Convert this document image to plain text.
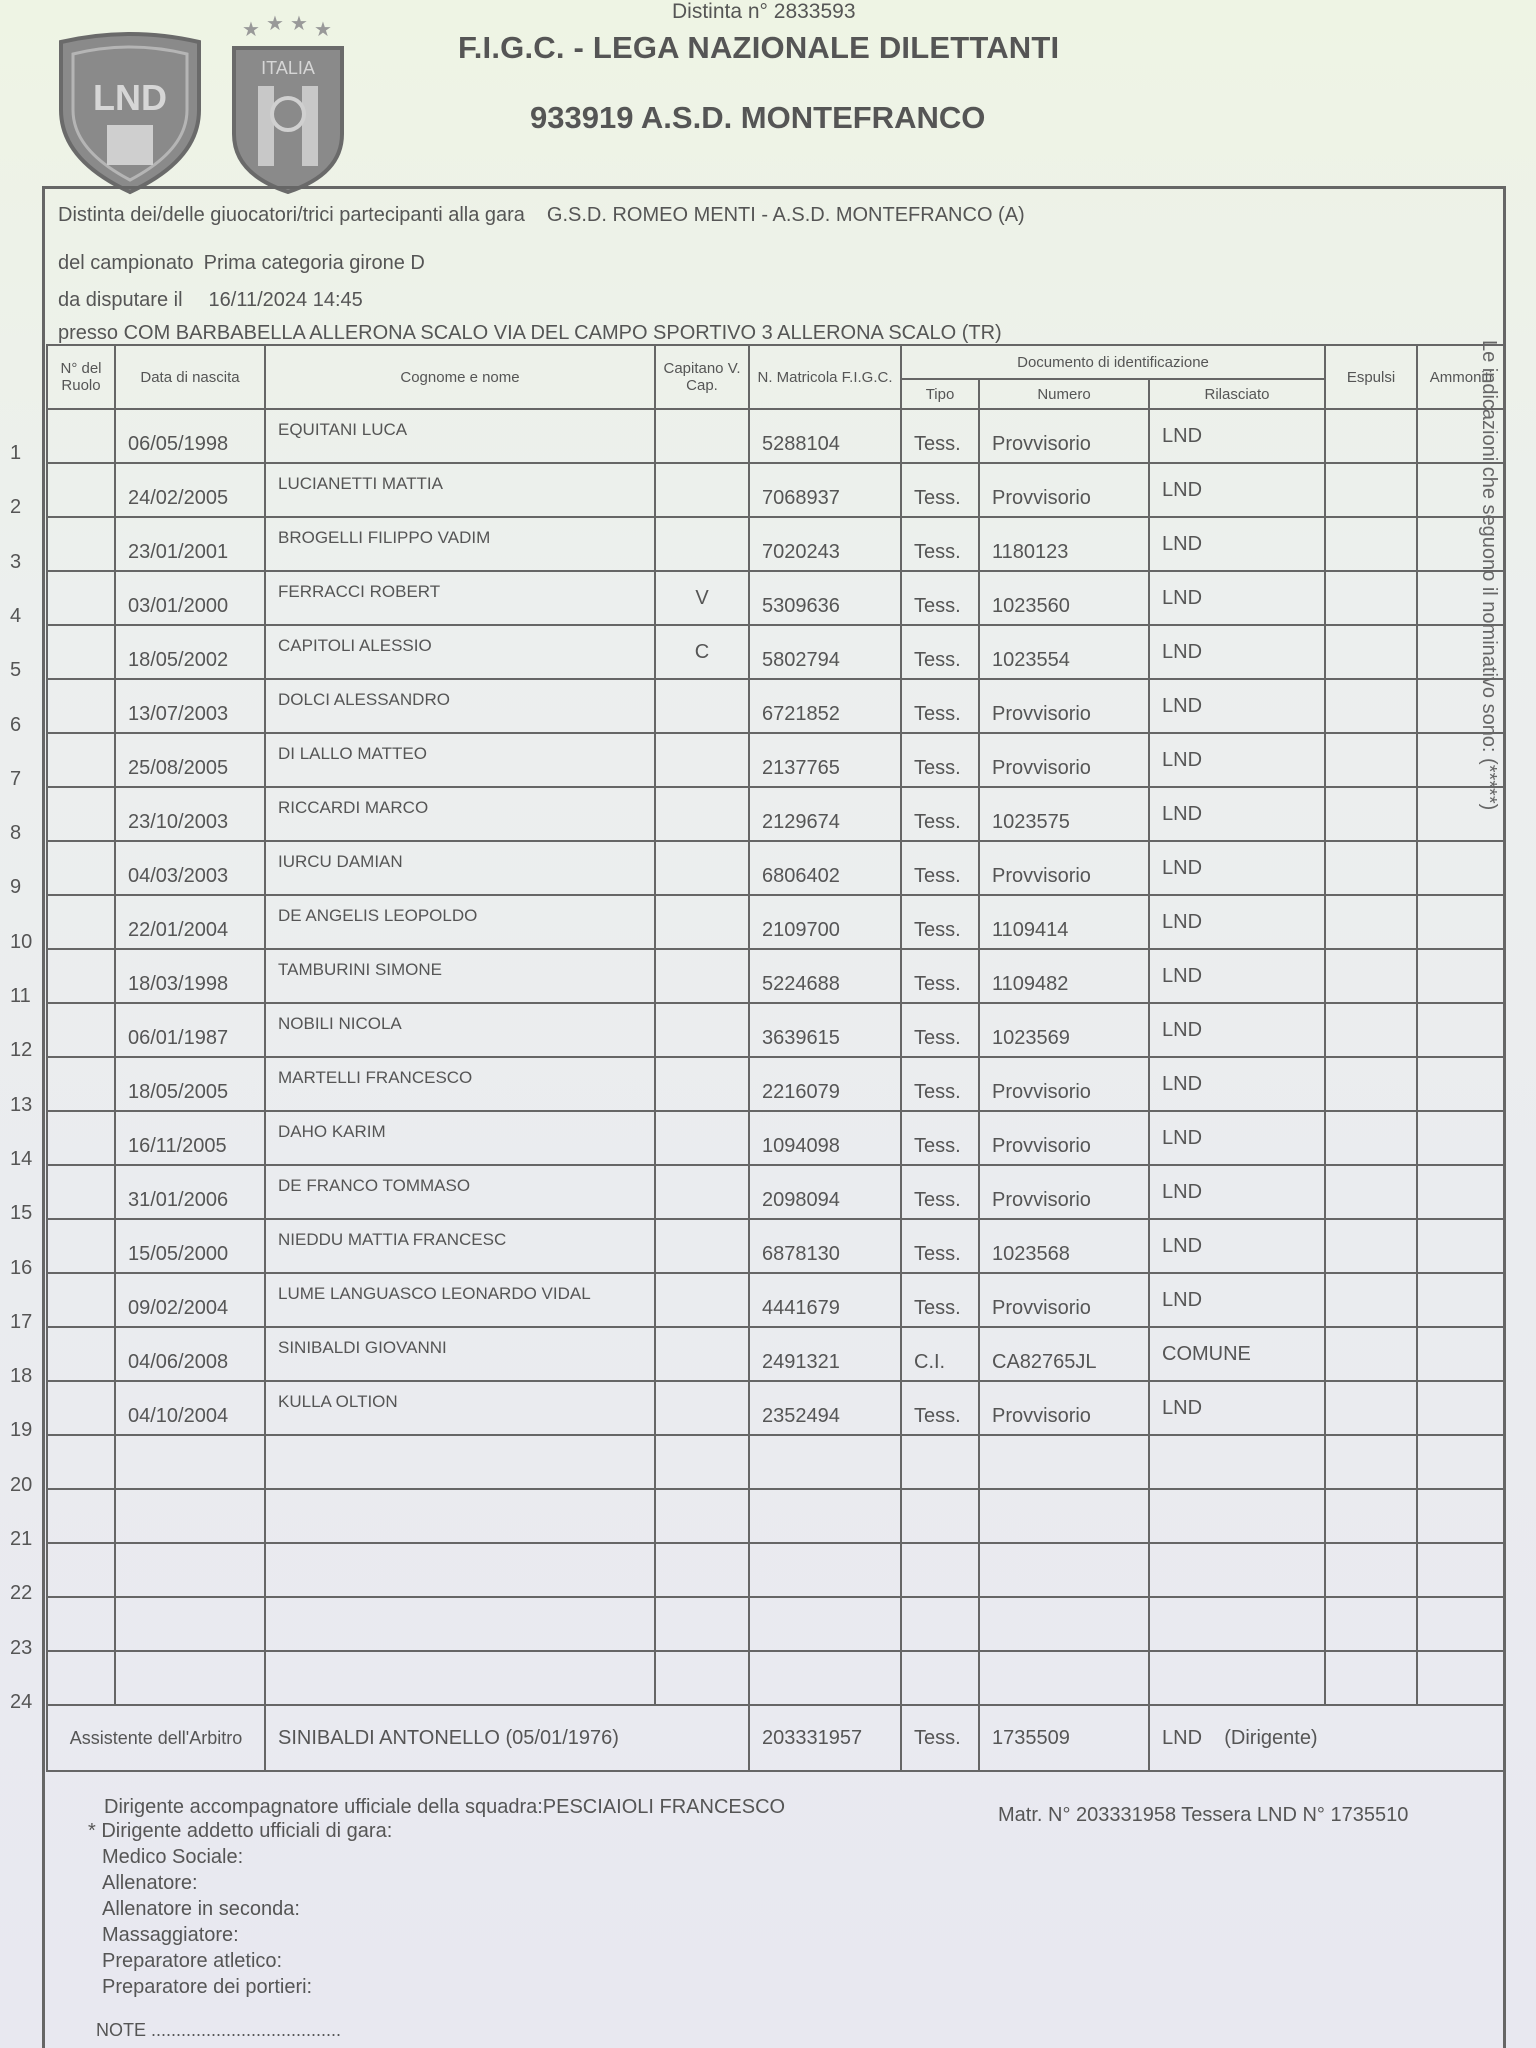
LND
★ ★ ★ ★
ITALIA
Distinta n° 2833593
F.I.G.C. - LEGA NAZIONALE DILETTANTI
933919 A.S.D. MONTEFRANCO
Distinta dei/delle giuocatori/trici partecipanti alla gara G.S.D. ROMEO MENTI - A.S.D. MONTEFRANCO (A)
del campionato Prima categoria girone D
da disputare il 16/11/2024 14:45
presso COM BARBABELLA ALLERONA SCALO VIA DEL CAMPO SPORTIVO 3 ALLERONA SCALO (TR)
N° del Ruolo	Data di nascita	Cognome e nome	Capitano V. Cap.	N. Matricola F.I.G.C.	Documento di identificazione			Espulsi	Ammoniti
					Tipo	Numero	Rilasciato		
	06/05/1998	EQUITANI LUCA		5288104	Tess.	Provvisorio	LND		
	24/02/2005	LUCIANETTI MATTIA		7068937	Tess.	Provvisorio	LND		
	23/01/2001	BROGELLI FILIPPO VADIM		7020243	Tess.	1180123	LND		
	03/01/2000	FERRACCI ROBERT	V	5309636	Tess.	1023560	LND		
	18/05/2002	CAPITOLI ALESSIO	C	5802794	Tess.	1023554	LND		
	13/07/2003	DOLCI ALESSANDRO		6721852	Tess.	Provvisorio	LND		
	25/08/2005	DI LALLO MATTEO		2137765	Tess.	Provvisorio	LND		
	23/10/2003	RICCARDI MARCO		2129674	Tess.	1023575	LND		
	04/03/2003	IURCU DAMIAN		6806402	Tess.	Provvisorio	LND		
	22/01/2004	DE ANGELIS LEOPOLDO		2109700	Tess.	1109414	LND		
	18/03/1998	TAMBURINI SIMONE		5224688	Tess.	1109482	LND		
	06/01/1987	NOBILI NICOLA		3639615	Tess.	1023569	LND		
	18/05/2005	MARTELLI FRANCESCO		2216079	Tess.	Provvisorio	LND		
	16/11/2005	DAHO KARIM		1094098	Tess.	Provvisorio	LND		
	31/01/2006	DE FRANCO TOMMASO		2098094	Tess.	Provvisorio	LND		
	15/05/2000	NIEDDU MATTIA FRANCESC		6878130	Tess.	1023568	LND		
	09/02/2004	LUME LANGUASCO LEONARDO VIDAL		4441679	Tess.	Provvisorio	LND		
	04/06/2008	SINIBALDI GIOVANNI		2491321	C.I.	CA82765JL	COMUNE		
	04/10/2004	KULLA OLTION		2352494	Tess.	Provvisorio	LND		

Assistente dell'Arbitro		SINIBALDI ANTONELLO (05/01/1976)		203331957	Tess.	1735509	LND    (Dirigente)		
1
2
3
4
5
6
7
8
9
10
11
12
13
14
15
16
17
18
19
20
21
22
23
24
Dirigente accompagnatore ufficiale della squadra:PESCIAIOLI FRANCESCO	Matr. N° 203331958 Tessera LND N° 1735510
* Dirigente addetto ufficiali di gara:
Medico Sociale:
Allenatore:
Allenatore in seconda:
Massaggiatore:
Preparatore atletico:
Preparatore dei portieri:
NOTE ......................................
Le indicazioni che seguono il nominativo sono: (*****)
